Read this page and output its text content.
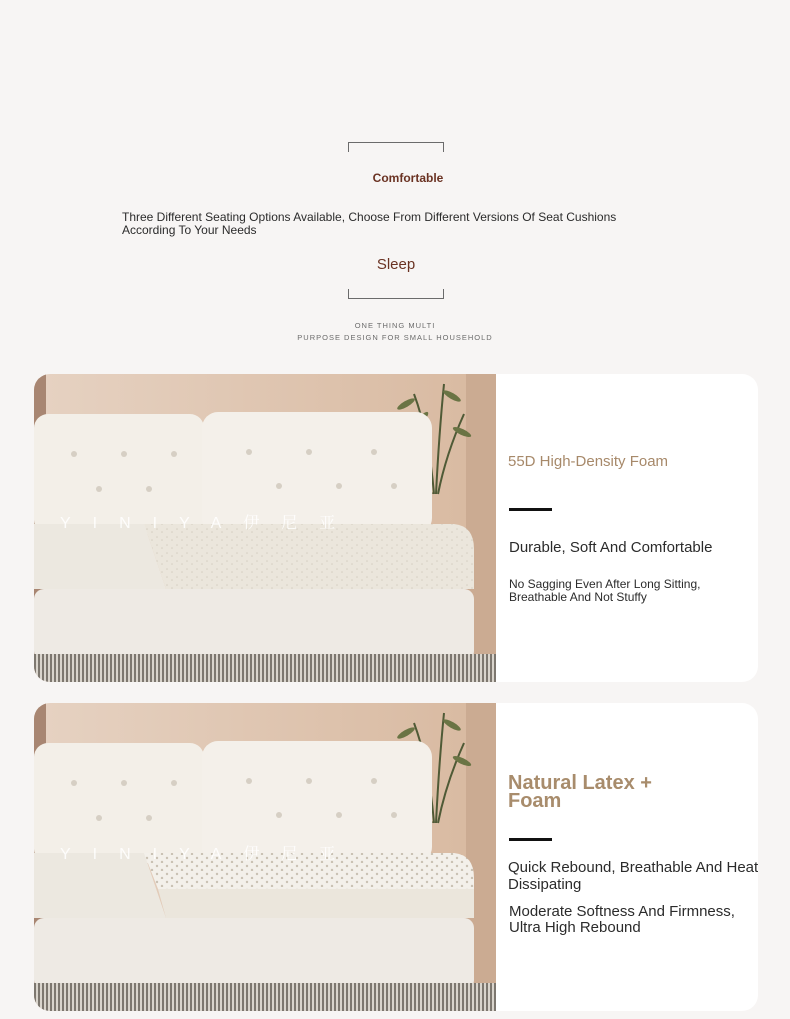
Comfortable
Three Different Seating Options Available, Choose From Different Versions Of Seat Cushions According To Your Needs
Sleep
ONE THING MULTI
PURPOSE DESIGN FOR SMALL HOUSEHOLD
YINIYA伊尼亚
55D High-Density Foam
Durable, Soft And Comfortable
No Sagging Even After Long Sitting, Breathable And Not Stuffy
YINIYA伊尼亚
Natural Latex + Foam
Quick Rebound, Breathable And Heat Dissipating
Moderate Softness And Firmness, Ultra High Rebound
